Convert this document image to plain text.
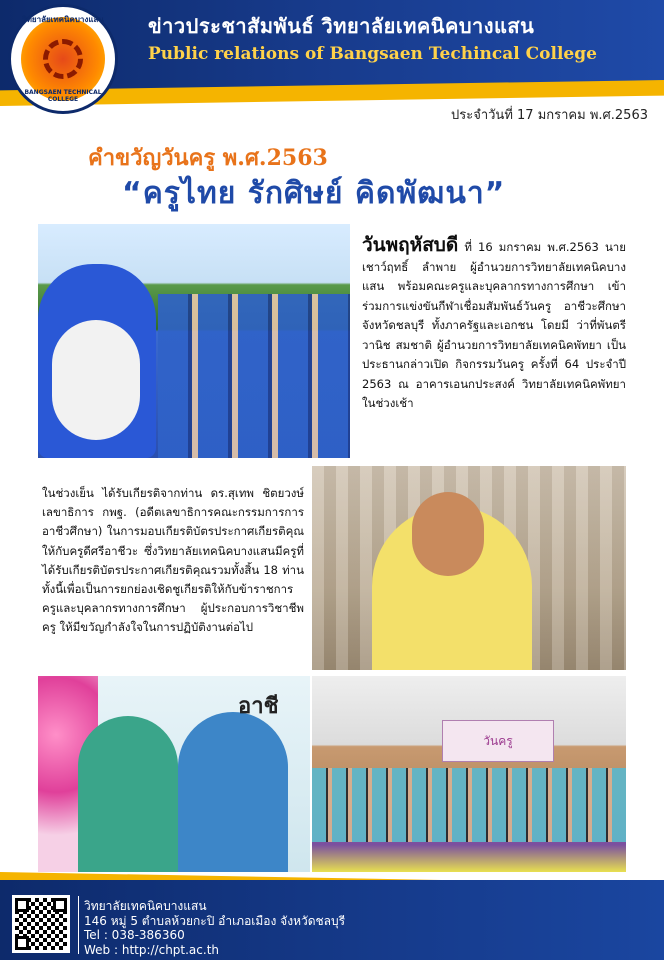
ข่าวประชาสัมพันธ์ วิทยาลัยเทคนิคบางแสน
Public relations of Bangsaen Techincal College
วิทยาลัยเทคนิคบางแสน
BANGSAEN TECHNICAL COLLEGE
ประจำวันที่ 17 มกราคม พ.ศ.2563
คำขวัญวันครู พ.ศ.2563
“ครูไทย รักศิษย์ คิดพัฒนา”
วันพฤหัสบดี ที่ 16 มกราคม พ.ศ.2563 นายเชาว์ฤทธิ์ ลำพาย ผู้อำนวยการวิทยาลัยเทคนิคบางแสน พร้อมคณะครูและบุคลากรทางการศึกษา เข้าร่วมการแข่งขันกีฬาเชื่อมสัมพันธ์วันครู อาชีวะศึกษา จังหวัดชลบุรี ทั้งภาครัฐและเอกชน โดยมี ว่าที่พันตรี วานิช สมชาติ ผู้อำนวยการวิทยาลัยเทคนิคพัทยา เป็นประธานกล่าวเปิด กิจกรรมวันครู ครั้งที่ 64 ประจำปี 2563 ณ อาคารเอนกประสงค์ วิทยาลัยเทคนิคพัทยา ในช่วงเช้า
ในช่วงเย็น ได้รับเกียรติจากท่าน ดร.สุเทพ ชิตยวงษ์ เลขาธิการ กพฐ. (อดีตเลขาธิการคณะกรรมการการอาชีวศึกษา) ในการมอบเกียรติบัตรประกาศเกียรติคุณ ให้กับครูดีศรีอาชีวะ ซึ่งวิทยาลัยเทคนิคบางแสนมีครูที่ได้รับเกียรติบัตรประกาศเกียรติคุณรวมทั้งสิ้น 18 ท่าน ทั้งนี้เพื่อเป็นการยกย่องเชิดชูเกียรติให้กับข้าราชการครูและบุคลากรทางการศึกษา ผู้ประกอบการวิชาชีพครู ให้มีขวัญกำลังใจในการปฏิบัติงานต่อไป
อาชี
วันครู
วิทยาลัยเทคนิคบางแสน
146 หมู่ 5 ตำบลห้วยกะปิ อำเภอเมือง จังหวัดชลบุรี
Tel : 038-386360
Web : http://chpt.ac.th
